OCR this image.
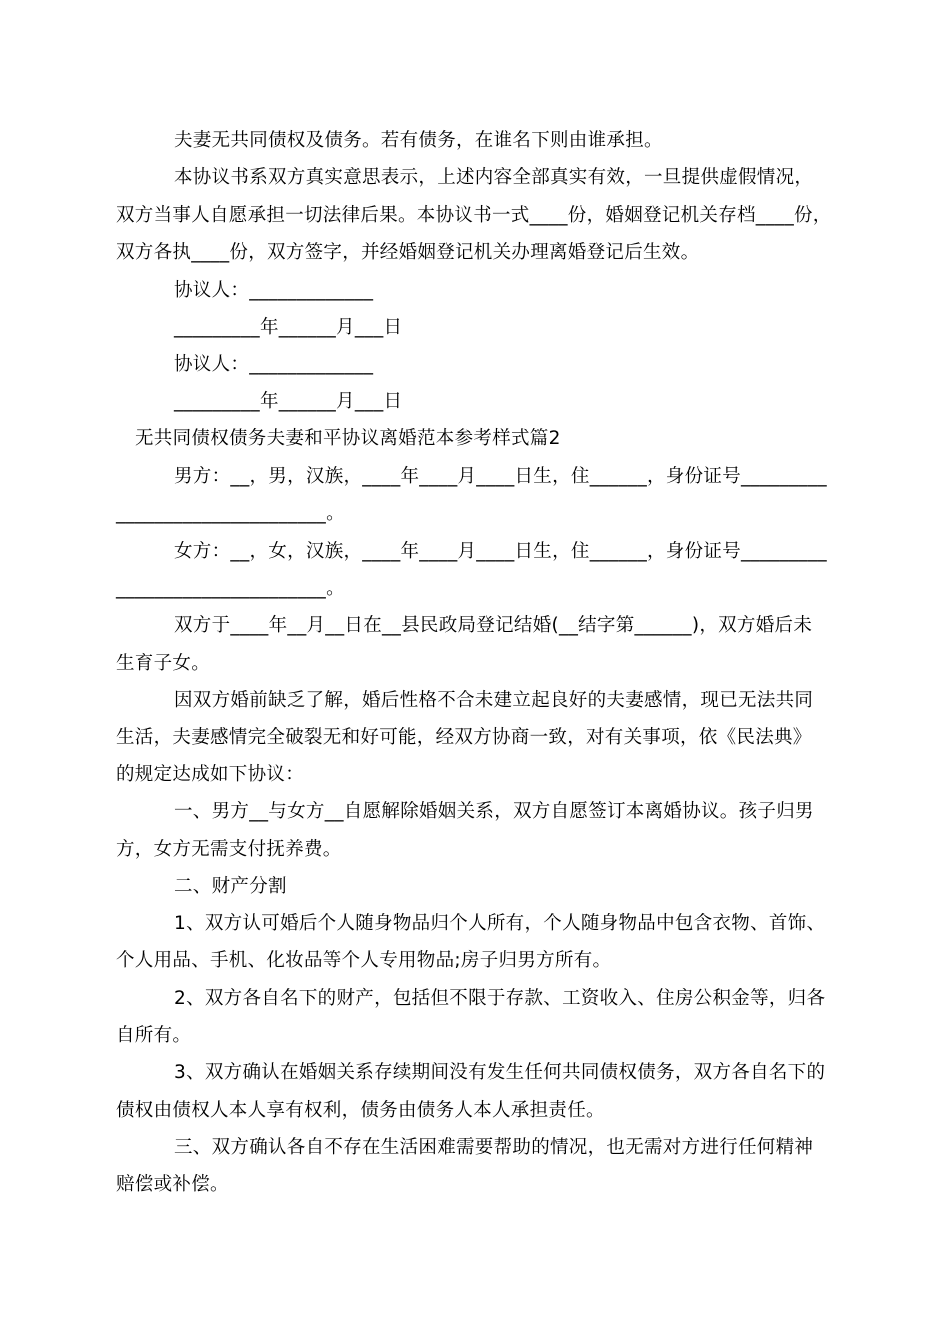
夫妻无共同债权及债务。若有债务，在谁名下则由谁承担。
本协议书系双方真实意思表示，上述内容全部真实有效，一旦提供虚假情况，
双方当事人自愿承担一切法律后果。本协议书一式____份，婚姻登记机关存档____份，
双方各执____份，双方签字，并经婚姻登记机关办理离婚登记后生效。
协议人：_____________
_________年______月___日
协议人：_____________
_________年______月___日
无共同债权债务夫妻和平协议离婚范本参考样式篇2
男方：__，男，汉族，____年____月____日生，住______，身份证号_________
______________________。
女方：__，女，汉族，____年____月____日生，住______，身份证号_________
______________________。
双方于____年__月__日在__县民政局登记结婚(__结字第______)，双方婚后未
生育子女。
因双方婚前缺乏了解，婚后性格不合未建立起良好的夫妻感情，现已无法共同
生活，夫妻感情完全破裂无和好可能，经双方协商一致，对有关事项，依《民法典》
的规定达成如下协议：
一、男方__与女方__自愿解除婚姻关系，双方自愿签订本离婚协议。孩子归男
方，女方无需支付抚养费。
二、财产分割
1、双方认可婚后个人随身物品归个人所有，个人随身物品中包含衣物、首饰、
个人用品、手机、化妆品等个人专用物品;房子归男方所有。
2、双方各自名下的财产，包括但不限于存款、工资收入、住房公积金等，归各
自所有。
3、双方确认在婚姻关系存续期间没有发生任何共同债权债务，双方各自名下的
债权由债权人本人享有权利，债务由债务人本人承担责任。
三、双方确认各自不存在生活困难需要帮助的情况，也无需对方进行任何精神
赔偿或补偿。
